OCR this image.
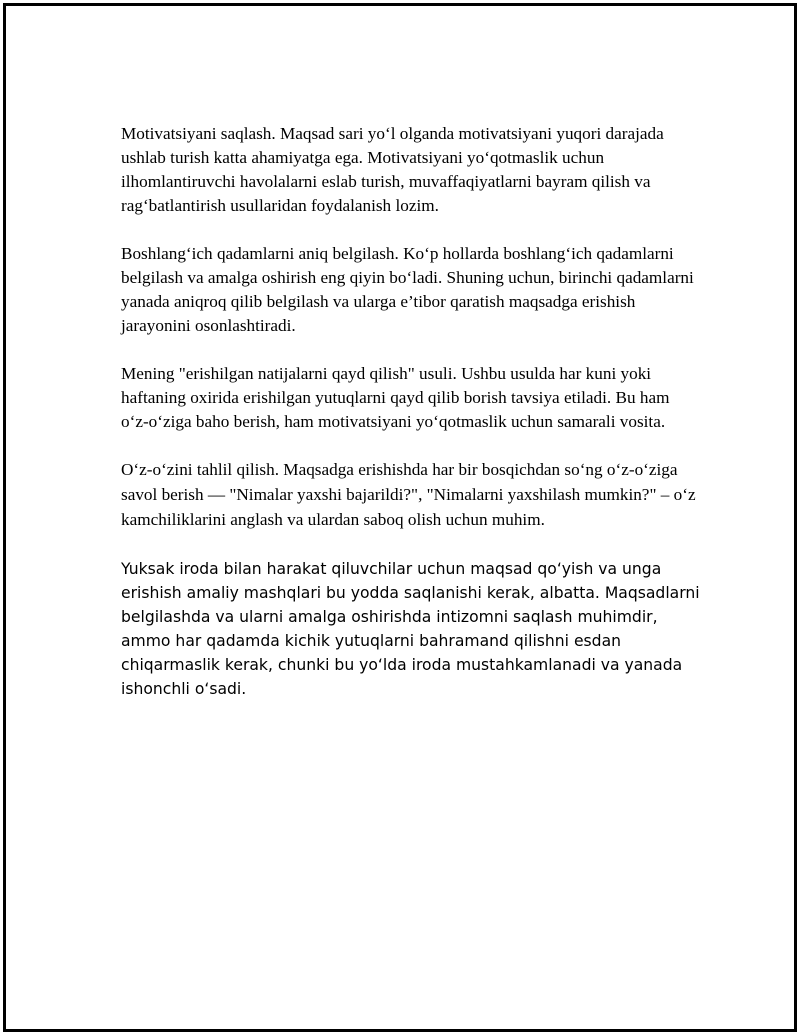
Motivatsiyani saqlash. Maqsad sari yo‘l olganda motivatsiyani yuqori darajada ushlab turish katta ahamiyatga ega. Motivatsiyani yo‘qotmaslik uchun ilhomlantiruvchi havolalarni eslab turish, muvaffaqiyatlarni bayram qilish va rag‘batlantirish usullaridan foydalanish lozim.

Boshlang‘ich qadamlarni aniq belgilash. Ko‘p hollarda boshlang‘ich qadamlarni belgilash va amalga oshirish eng qiyin bo‘ladi. Shuning uchun, birinchi qadamlarni yanada aniqroq qilib belgilash va ularga e’tibor qaratish maqsadga erishish jarayonini osonlashtiradi.

Mening "erishilgan natijalarni qayd qilish" usuli. Ushbu usulda har kuni yoki haftaning oxirida erishilgan yutuqlarni qayd qilib borish tavsiya etiladi. Bu ham o‘z-o‘ziga baho berish, ham motivatsiyani yo‘qotmaslik uchun samarali vosita.

O‘z-o‘zini tahlil qilish. Maqsadga erishishda har bir bosqichdan so‘ng o‘z-o‘ziga savol berish — "Nimalar yaxshi bajarildi?", "Nimalarni yaxshilash mumkin?" – o‘z kamchiliklarini anglash va ulardan saboq olish uchun muhim.

Yuksak iroda bilan harakat qiluvchilar uchun maqsad qo‘yish va unga erishish amaliy mashqlari bu yodda saqlanishi kerak, albatta. Maqsadlarni belgilashda va ularni amalga oshirishda intizomni saqlash muhimdir, ammo har qadamda kichik yutuqlarni bahramand qilishni esdan chiqarmaslik kerak, chunki bu yo‘lda iroda mustahkamlanadi va yanada ishonchli o‘sadi.
